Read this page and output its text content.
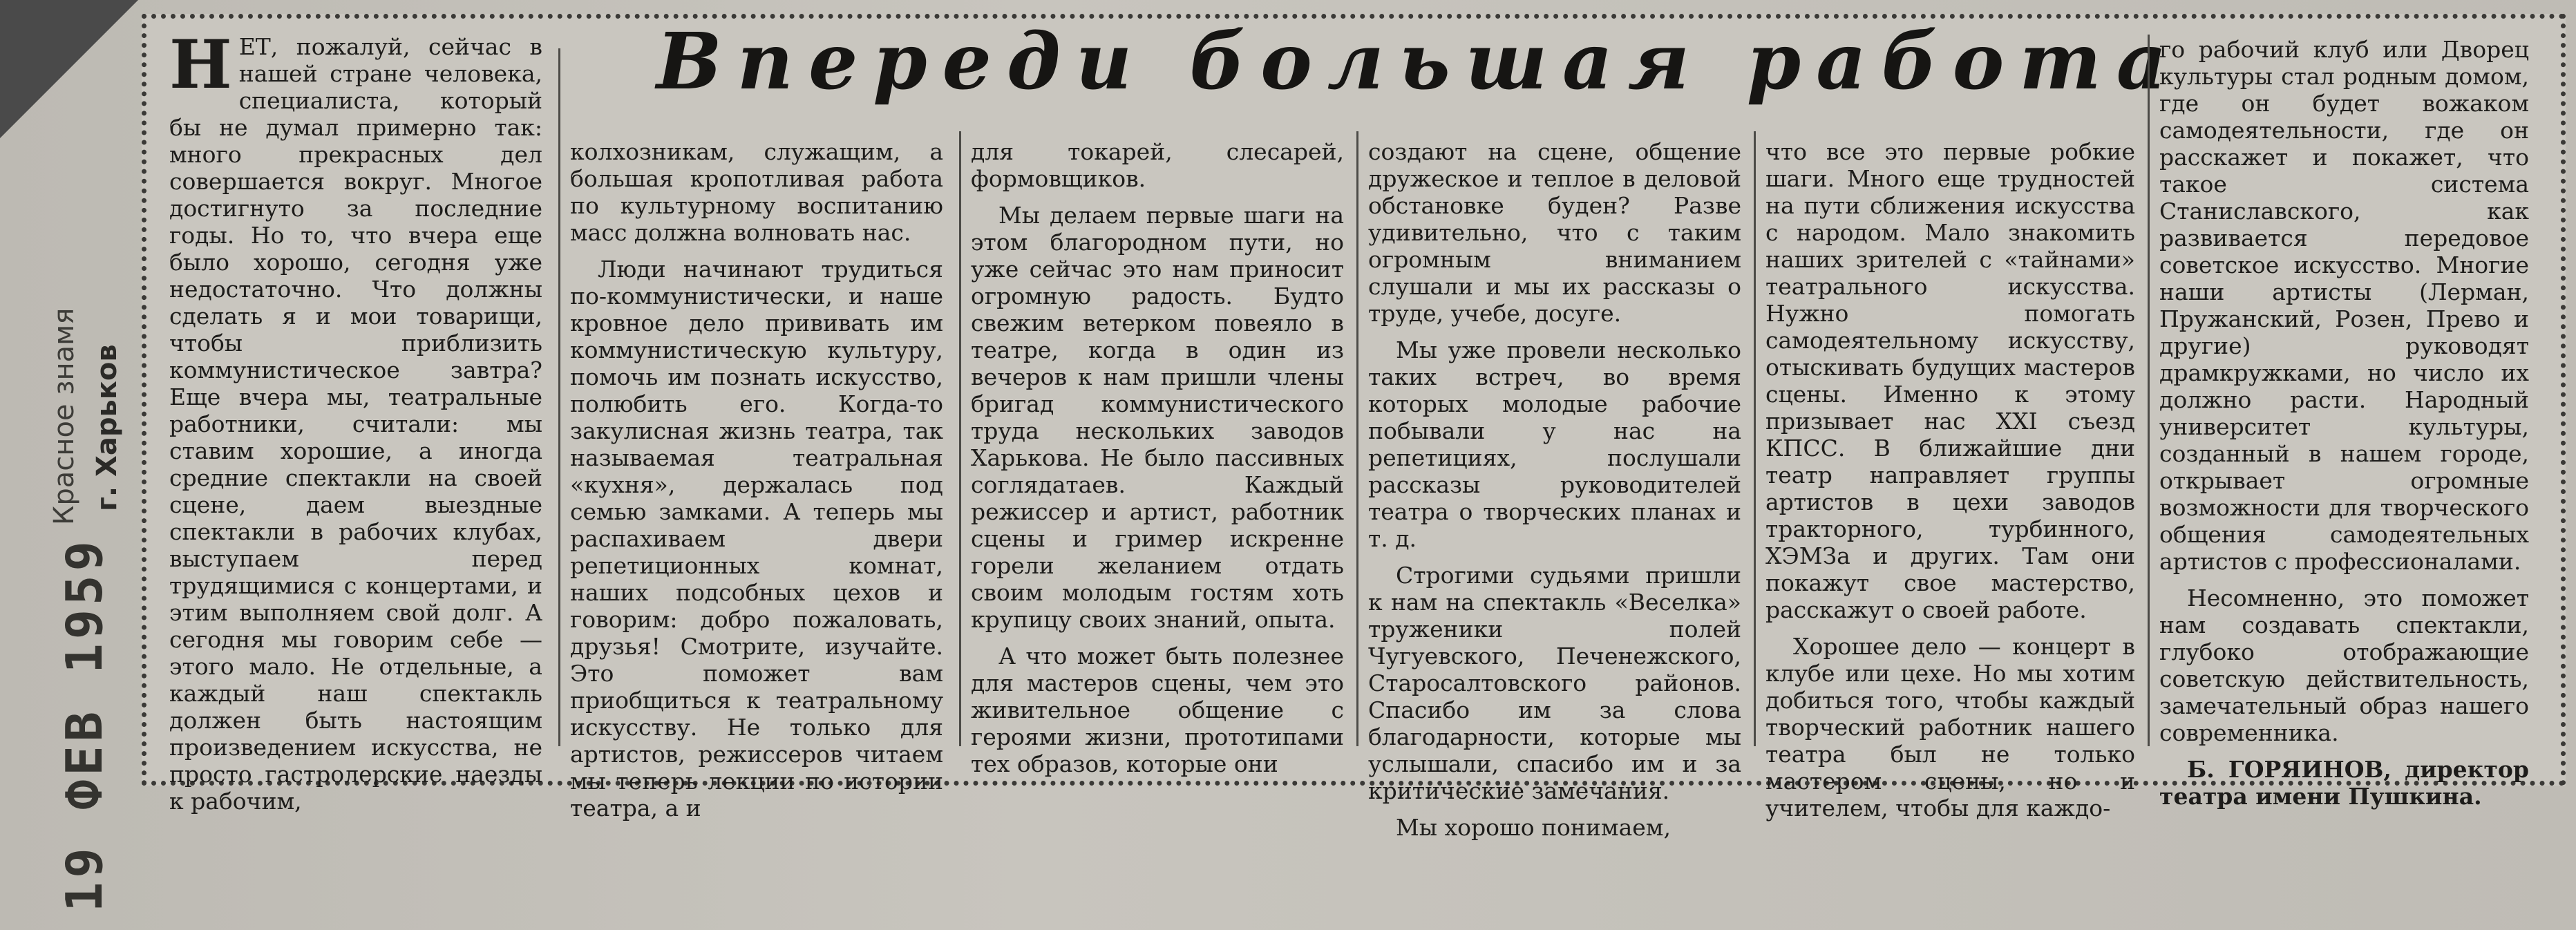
Красное знамя г. Харьков
19 ФЕВ 1959
Впереди большая работа

НЕТ, пожалуй, сейчас в нашей стране человека, специалиста, который бы не думал примерно так: много прекрасных дел совершается вокруг. Многое достигнуто за последние годы. Но то, что вчера еще было хорошо, сегодня уже недостаточно. Что должны сделать я и мои товарищи, чтобы приблизить коммунистическое завтра? Еще вчера мы, театральные работники, считали: мы ставим хорошие, а иногда средние спектакли на своей сцене, даем выездные спектакли в рабочих клубах, выступаем перед трудящимися с концертами, и этим выполняем свой долг. А сегодня мы говорим себе — этого мало. Не отдельные, а каждый наш спектакль должен быть настоящим произведением искусства, не просто гастролерские наезды к рабочим,

колхозникам, служащим, а большая кропотливая работа по культурному воспитанию масс должна волновать нас.

Люди начинают трудиться по-коммунистически, и наше кровное дело прививать им коммунистическую культуру, помочь им познать искусство, полюбить его. Когда-то закулисная жизнь театра, так называемая театральная «кухня», держалась под семью замками. А теперь мы распахиваем двери репетиционных комнат, наших подсобных цехов и говорим: добро пожаловать, друзья! Смотрите, изучайте. Это поможет вам приобщиться к театральному искусству. Не только для артистов, режиссеров читаем мы теперь лекции по истории театра, а и

для токарей, слесарей, формовщиков.

Мы делаем первые шаги на этом благородном пути, но уже сейчас это нам приносит огромную радость. Будто свежим ветерком повеяло в театре, когда в один из вечеров к нам пришли члены бригад коммунистического труда нескольких заводов Харькова. Не было пассивных соглядатаев. Каждый режиссер и артист, работник сцены и гример искренне горели желанием отдать своим молодым гостям хоть крупицу своих знаний, опыта.

А что может быть полезнее для мастеров сцены, чем это живительное общение с героями жизни, прототипами тех образов, которые они

создают на сцене, общение дружеское и теплое в деловой обстановке буден? Разве удивительно, что с таким огромным вниманием слушали и мы их рассказы о труде, учебе, досуге.

Мы уже провели несколько таких встреч, во время которых молодые рабочие побывали у нас на репетициях, послушали рассказы руководителей театра о творческих планах и т. д.

Строгими судьями пришли к нам на спектакль «Веселка» труженики полей Чугуевского, Печенежского, Старосалтовского районов. Спасибо им за слова благодарности, которые мы услышали, спасибо им и за критические замечания.

Мы хорошо понимаем,

что все это первые робкие шаги. Много еще трудностей на пути сближения искусства с народом. Мало знакомить наших зрителей с «тайнами» театрального искусства. Нужно помогать самодеятельному искусству, отыскивать будущих мастеров сцены. Именно к этому призывает нас XXI съезд КПСС. В ближайшие дни театр направляет группы артистов в цехи заводов тракторного, турбинного, ХЭМЗа и других. Там они покажут свое мастерство, расскажут о своей работе.

Хорошее дело — концерт в клубе или цехе. Но мы хотим добиться того, чтобы каждый творческий работник нашего театра был не только мастером сцены, но и учителем, чтобы для каждо-

го рабочий клуб или Дворец культуры стал родным домом, где он будет вожаком самодеятельности, где он расскажет и покажет, что такое система Станиславского, как развивается передовое советское искусство. Многие наши артисты (Лерман, Пружанский, Розен, Прево и другие) руководят драмкружками, но число их должно расти. Народный университет культуры, созданный в нашем городе, открывает огромные возможности для творческого общения самодеятельных артистов с профессионалами.

Несомненно, это поможет нам создавать спектакли, глубоко отображающие советскую действительность, замечательный образ нашего современника.

Б. ГОРЯИНОВ, директор театра имени Пушкина.
